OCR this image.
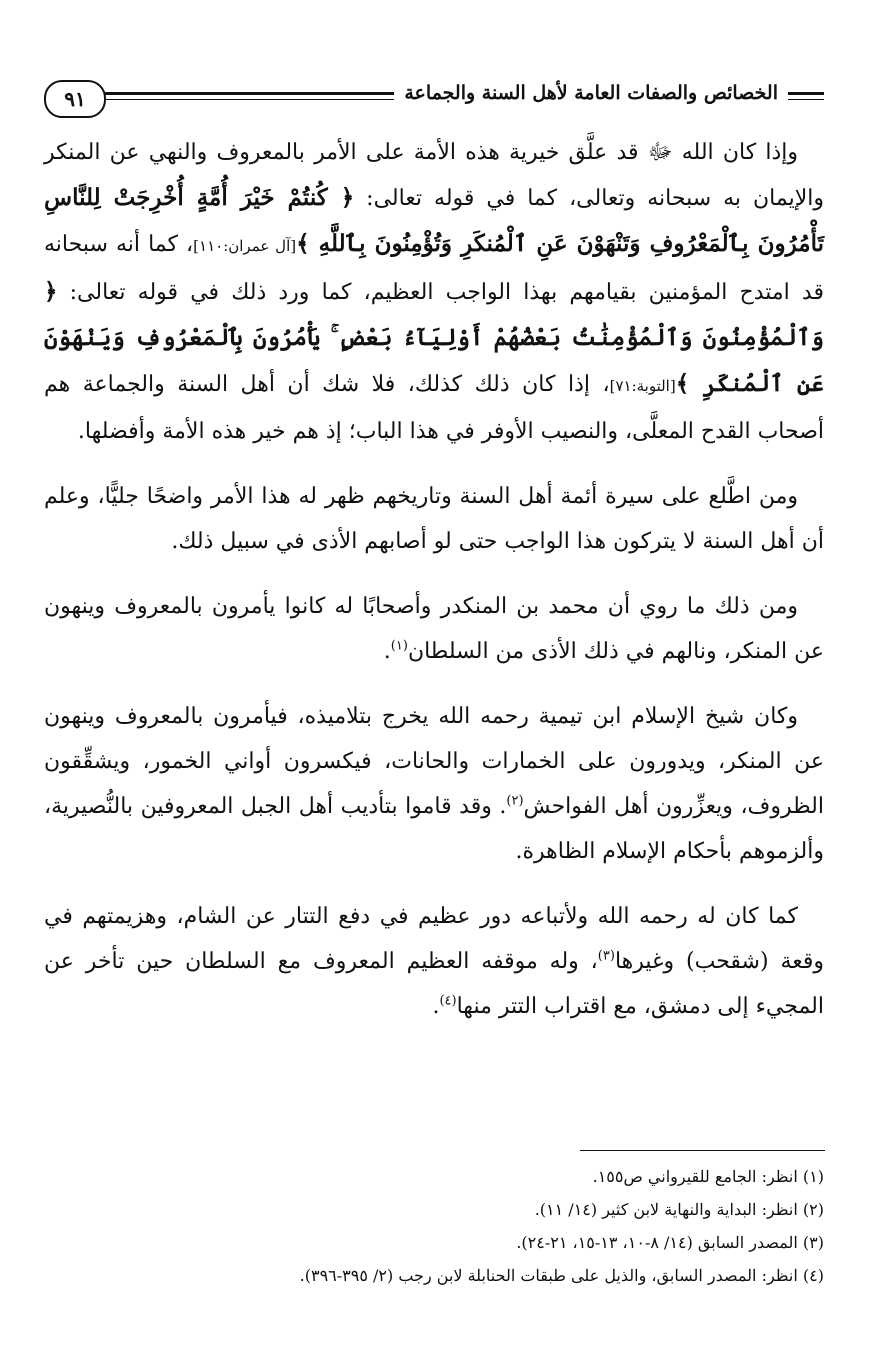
٩١	الخصائص والصفات العامة لأهل السنة والجماعة

وإذا كان الله ﷻ قد علَّق خيرية هذه الأمة على الأمر بالمعروف والنهي عن المنكر والإيمان به سبحانه وتعالى، كما في قوله تعالى: ﴿ كُنتُمْ خَيْرَ أُمَّةٍ أُخْرِجَتْ لِلنَّاسِ تَأْمُرُونَ بِٱلْمَعْرُوفِ وَتَنْهَوْنَ عَنِ ٱلْمُنكَرِ وَتُؤْمِنُونَ بِٱللَّهِ ﴾[آل عمران:١١٠]، كما أنه سبحانه قد امتدح المؤمنين بقيامهم بهذا الواجب العظيم، كما ورد ذلك في قوله تعالى: ﴿ وَٱلْمُؤْمِنُونَ وَٱلْمُؤْمِنَٰتُ بَعْضُهُمْ أَوْلِيَآءُ بَعْضٍ ۚ يَأْمُرُونَ بِٱلْمَعْرُوفِ وَيَنْهَوْنَ عَنِ ٱلْمُنكَرِ ﴾[التوبة:٧١]، إذا كان ذلك كذلك، فلا شك أن أهل السنة والجماعة هم أصحاب القدح المعلَّى، والنصيب الأوفر في هذا الباب؛ إذ هم خير هذه الأمة وأفضلها.

ومن اطَّلع على سيرة أئمة أهل السنة وتاريخهم ظهر له هذا الأمر واضحًا جليًّا، وعلم أن أهل السنة لا يتركون هذا الواجب حتى لو أصابهم الأذى في سبيل ذلك.

ومن ذلك ما روي أن محمد بن المنكدر وأصحابًا له كانوا يأمرون بالمعروف وينهون عن المنكر، ونالهم في ذلك الأذى من السلطان$^{(١)}$.

وكان شيخ الإسلام ابن تيمية رحمه الله يخرج بتلاميذه، فيأمرون بالمعروف وينهون عن المنكر، ويدورون على الخمارات والحانات، فيكسرون أواني الخمور، ويشقِّقون الظروف، ويعزِّرون أهل الفواحش$^{(٢)}$. وقد قاموا بتأديب أهل الجبل المعروفين بالنُّصيرية، وألزموهم بأحكام الإسلام الظاهرة.

كما كان له رحمه الله ولأتباعه دور عظيم في دفع التتار عن الشام، وهزيمتهم في وقعة (شقحب) وغيرها$^{(٣)}$، وله موقفه العظيم المعروف مع السلطان حين تأخر عن المجيء إلى دمشق، مع اقتراب التتر منها$^{(٤)}$.

(١) انظر: الجامع للقيرواني ص١٥٥.
(٢) انظر: البداية والنهاية لابن كثير (١٤/ ١١).
(٣) المصدر السابق (١٤/ ٨-١٠، ١٣-١٥، ٢١-٢٤).
(٤) انظر: المصدر السابق، والذيل على طبقات الحنابلة لابن رجب (٢/ ٣٩٥-٣٩٦).
